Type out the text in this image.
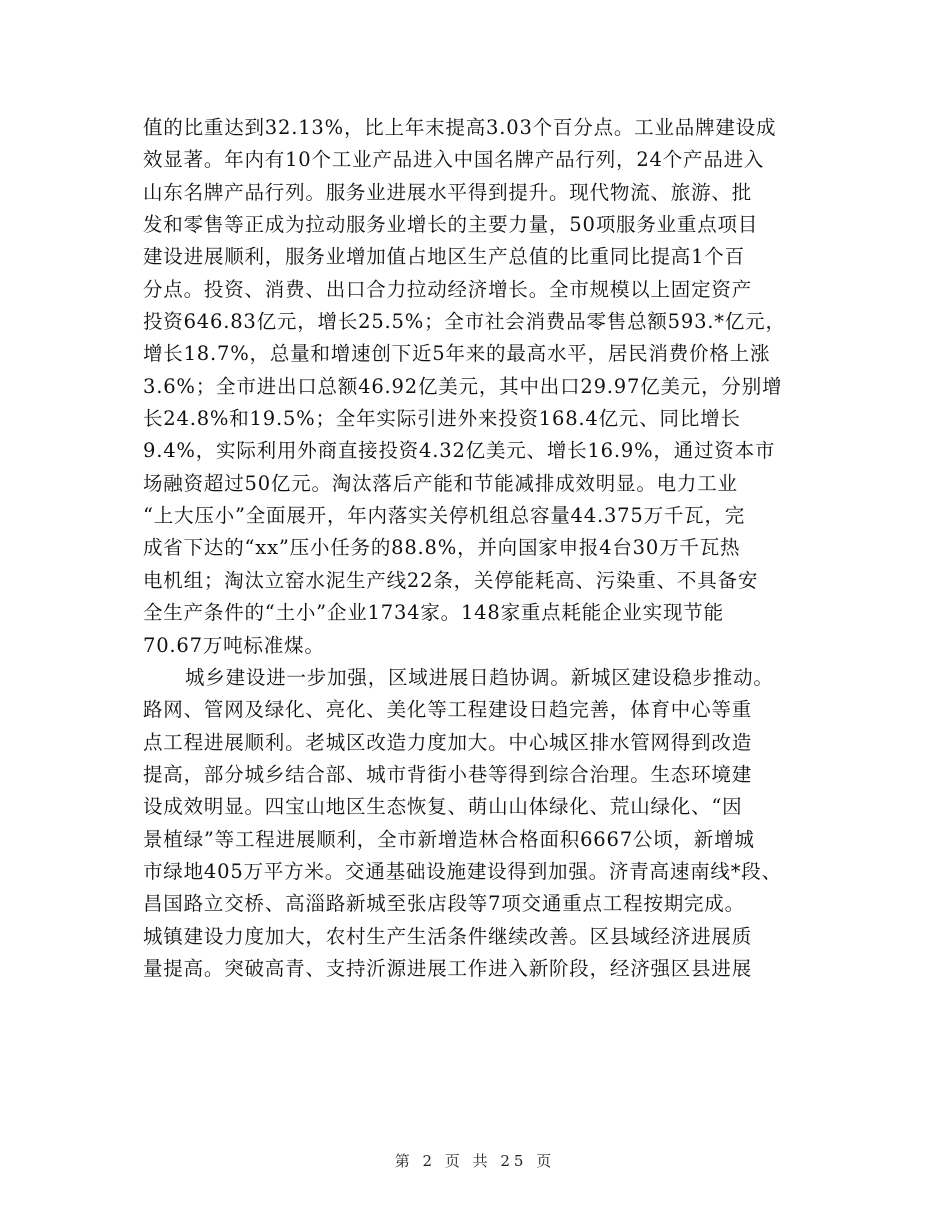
值的比重达到32.13%，比上年末提高3.03个百分点。工业品牌建设成
效显著。年内有10个工业产品进入中国名牌产品行列，24个产品进入
山东名牌产品行列。服务业进展水平得到提升。现代物流、旅游、批
发和零售等正成为拉动服务业增长的主要力量，50项服务业重点项目
建设进展顺利，服务业增加值占地区生产总值的比重同比提高1个百
分点。投资、消费、出口合力拉动经济增长。全市规模以上固定资产
投资646.83亿元，增长25.5%；全市社会消费品零售总额593.*亿元，
增长18.7%，总量和增速创下近5年来的最高水平，居民消费价格上涨
3.6%；全市进出口总额46.92亿美元，其中出口29.97亿美元，分别增
长24.8%和19.5%；全年实际引进外来投资168.4亿元、同比增长
9.4%，实际利用外商直接投资4.32亿美元、增长16.9%，通过资本市
场融资超过50亿元。淘汰落后产能和节能减排成效明显。电力工业
“上大压小”全面展开，年内落实关停机组总容量44.375万千瓦，完
成省下达的“xx”压小任务的88.8%，并向国家申报4台30万千瓦热
电机组；淘汰立窑水泥生产线22条，关停能耗高、污染重、不具备安
全生产条件的“土小”企业1734家。148家重点耗能企业实现节能
70.67万吨标准煤。
城乡建设进一步加强，区域进展日趋协调。新城区建设稳步推动。
路网、管网及绿化、亮化、美化等工程建设日趋完善，体育中心等重
点工程进展顺利。老城区改造力度加大。中心城区排水管网得到改造
提高，部分城乡结合部、城市背街小巷等得到综合治理。生态环境建
设成效明显。四宝山地区生态恢复、萌山山体绿化、荒山绿化、“因
景植绿”等工程进展顺利，全市新增造林合格面积6667公顷，新增城
市绿地405万平方米。交通基础设施建设得到加强。济青高速南线*段、
昌国路立交桥、高淄路新城至张店段等7项交通重点工程按期完成。
城镇建设力度加大，农村生产生活条件继续改善。区县域经济进展质
量提高。突破高青、支持沂源进展工作进入新阶段，经济强区县进展
第 2 页 共 25 页
